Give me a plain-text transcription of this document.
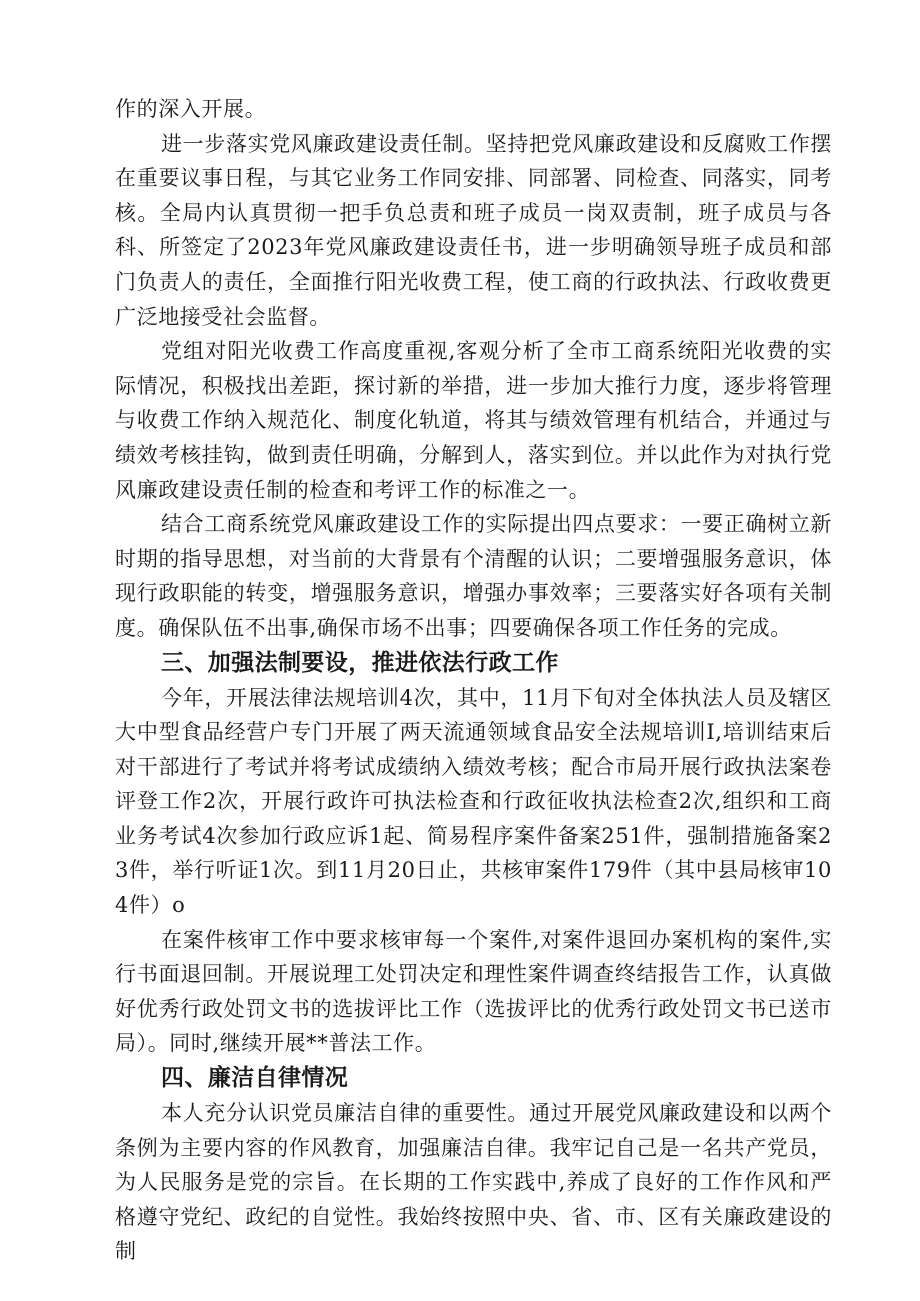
作的深入开展。

进一步落实党风廉政建设责任制。坚持把党风廉政建设和反腐败工作摆在重要议事日程，与其它业务工作同安排、同部署、同检查、同落实，同考核。全局内认真贯彻一把手负总责和班子成员一岗双责制，班子成员与各科、所签定了2023年党风廉政建设责任书，进一步明确领导班子成员和部门负责人的责任，全面推行阳光收费工程，使工商的行政执法、行政收费更广泛地接受社会监督。

党组对阳光收费工作高度重视,客观分析了全市工商系统阳光收费的实际情况，积极找出差距，探讨新的举措，进一步加大推行力度，逐步将管理与收费工作纳入规范化、制度化轨道，将其与绩效管理有机结合，并通过与绩效考核挂钩，做到责任明确，分解到人，落实到位。并以此作为对执行党风廉政建设责任制的检查和考评工作的标准之一。

结合工商系统党风廉政建设工作的实际提出四点要求：一要正确树立新时期的指导思想，对当前的大背景有个清醒的认识；二要增强服务意识，体现行政职能的转变，增强服务意识，增强办事效率；三要落实好各项有关制度。确保队伍不出事,确保市场不出事；四要确保各项工作任务的完成。

三、加强法制要设，推进依法行政工作

今年，开展法律法规培训4次，其中，11月下旬对全体执法人员及辖区大中型食品经营户专门开展了两天流通领域食品安全法规培训I,培训结束后对干部进行了考试并将考试成绩纳入绩效考核；配合市局开展行政执法案卷评登工作2次，开展行政许可执法检查和行政征收执法检查2次,组织和工商业务考试4次参加行政应诉1起、简易程序案件备案251件，强制措施备案23件，举行听证1次。到11月20日止，共核审案件179件（其中县局核审104件）o

在案件核审工作中要求核审每一个案件,对案件退回办案机构的案件,实行书面退回制。开展说理工处罚决定和理性案件调查终结报告工作，认真做好优秀行政处罚文书的选拔评比工作（选拔评比的优秀行政处罚文书已送市局）。同时,继续开展**普法工作。

四、廉洁自律情况

本人充分认识党员廉洁自律的重要性。通过开展党风廉政建设和以两个条例为主要内容的作风教育，加强廉洁自律。我牢记自己是一名共产党员，为人民服务是党的宗旨。在长期的工作实践中,养成了良好的工作作风和严格遵守党纪、政纪的自觉性。我始终按照中央、省、市、区有关廉政建设的制
